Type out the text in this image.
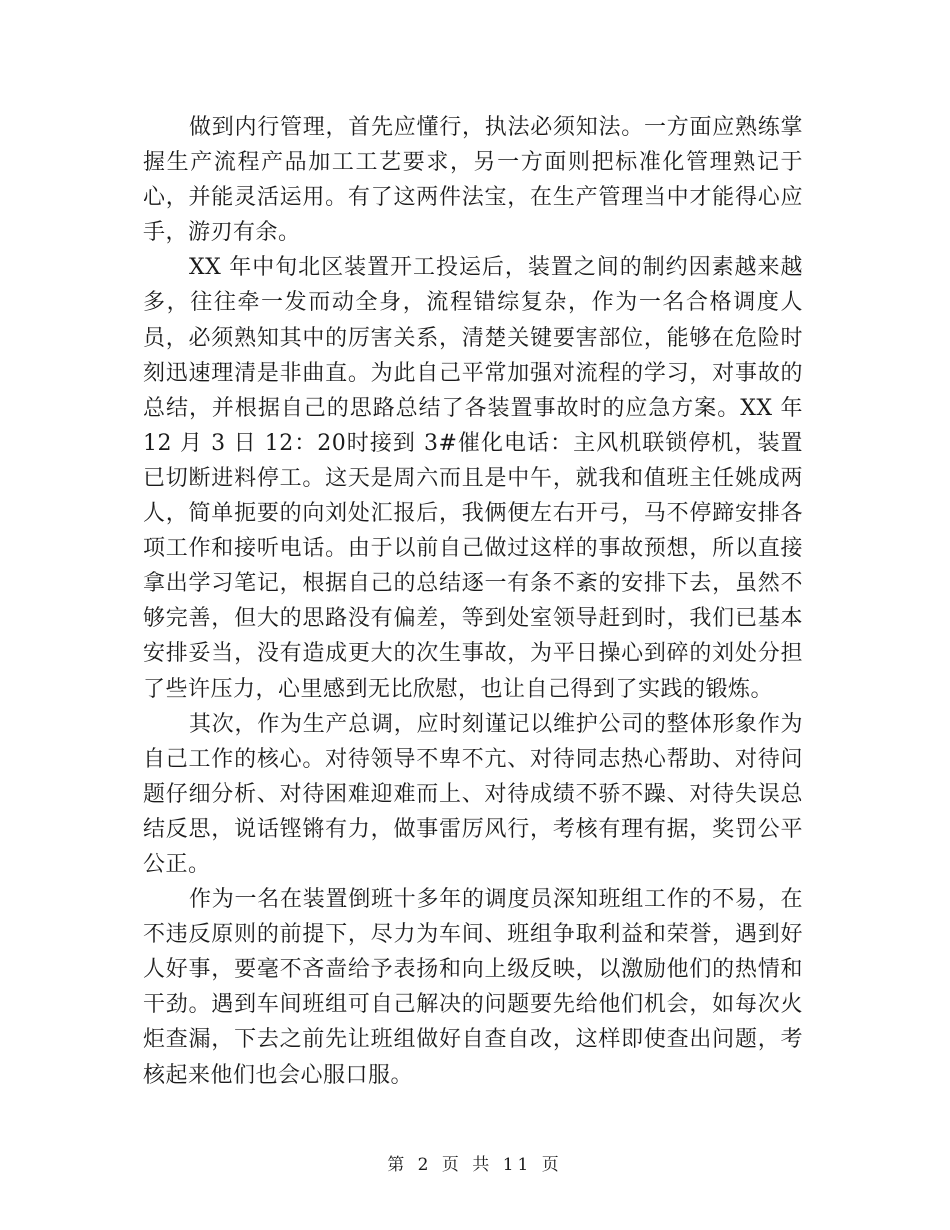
做到内行管理，首先应懂行，执法必须知法。一方面应熟练掌握生产流程产品加工工艺要求，另一方面则把标准化管理熟记于心，并能灵活运用。有了这两件法宝，在生产管理当中才能得心应手，游刃有余。

XX 年中旬北区装置开工投运后，装置之间的制约因素越来越多，往往牵一发而动全身，流程错综复杂，作为一名合格调度人员，必须熟知其中的厉害关系，清楚关键要害部位，能够在危险时刻迅速理清是非曲直。为此自己平常加强对流程的学习，对事故的总结，并根据自己的思路总结了各装置事故时的应急方案。XX 年 12 月 3 日 12：20时接到 3#催化电话：主风机联锁停机，装置已切断进料停工。这天是周六而且是中午，就我和值班主任姚成两人，简单扼要的向刘处汇报后，我俩便左右开弓，马不停蹄安排各项工作和接听电话。由于以前自己做过这样的事故预想，所以直接拿出学习笔记，根据自己的总结逐一有条不紊的安排下去，虽然不够完善，但大的思路没有偏差，等到处室领导赶到时，我们已基本安排妥当，没有造成更大的次生事故，为平日操心到碎的刘处分担了些许压力，心里感到无比欣慰，也让自己得到了实践的锻炼。

其次，作为生产总调，应时刻谨记以维护公司的整体形象作为自己工作的核心。对待领导不卑不亢、对待同志热心帮助、对待问题仔细分析、对待困难迎难而上、对待成绩不骄不躁、对待失误总结反思，说话铿锵有力，做事雷厉风行，考核有理有据，奖罚公平公正。

作为一名在装置倒班十多年的调度员深知班组工作的不易，在不违反原则的前提下，尽力为车间、班组争取利益和荣誉，遇到好人好事，要毫不吝啬给予表扬和向上级反映，以激励他们的热情和干劲。遇到车间班组可自己解决的问题要先给他们机会，如每次火炬查漏，下去之前先让班组做好自查自改，这样即使查出问题，考核起来他们也会心服口服。

第 2 页 共 11 页
